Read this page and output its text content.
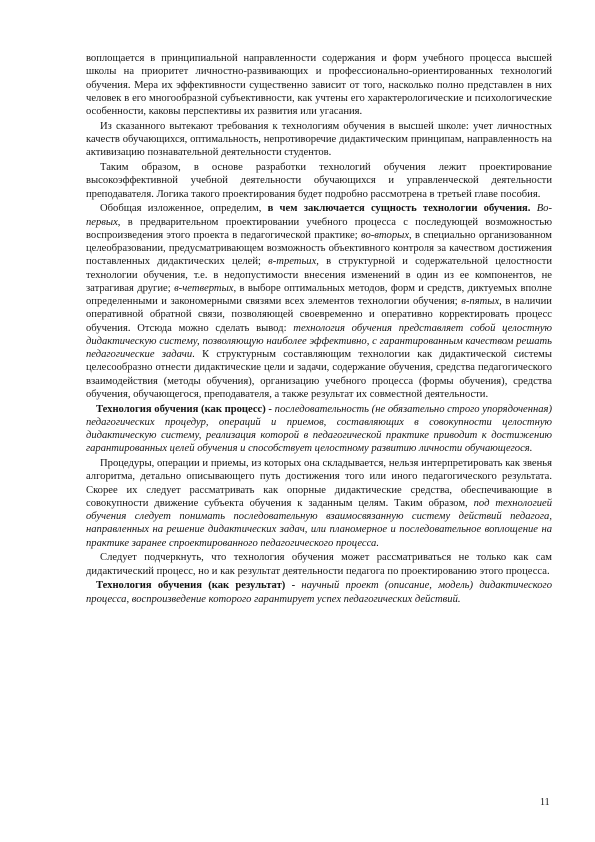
воплощается в принципиальной направленности содержания и форм учебного процесса высшей школы на приоритет личностно-развивающих и профессионально-ориентированных технологий обучения. Мера их эффективности существенно зависит от того, насколько полно представлен в них человек в его многообразной субъективности, как учтены его характерологические и психологические особенности, каковы перспективы их развития или угасания.

Из сказанного вытекают требования к технологиям обучения в высшей школе: учет личностных качеств обучающихся, оптимальность, непротиворечие дидактическим принципам, направленность на активизацию познавательной деятельности студентов.

Таким образом, в основе разработки технологий обучения лежит проектирование высокоэффективной учебной деятельности обучающихся и управленческой деятельности преподавателя. Логика такого проектирования будет подробно рассмотрена в третьей главе пособия.

Обобщая изложенное, определим, в чем заключается сущность технологии обучения. Во-первых, в предварительном проектировании учебного процесса с последующей возможностью воспроизведения этого проекта в педагогической практике; во-вторых, в специально организованном целеобразовании, предусматривающем возможность объективного контроля за качеством достижения поставленных дидактических целей; в-третьих, в структурной и содержательной целостности технологии обучения, т.е. в недопустимости внесения изменений в один из ее компонентов, не затрагивая другие; в-четвертых, в выборе оптимальных методов, форм и средств, диктуемых вполне определенными и закономерными связями всех элементов технологии обучения; в-пятых, в наличии оперативной обратной связи, позволяющей своевременно и оперативно корректировать процесс обучения. Отсюда можно сделать вывод: технология обучения представляет собой целостную дидактическую систему, позволяющую наиболее эффективно, с гарантированным качеством решать педагогические задачи. К структурным составляющим технологии как дидактической системы целесообразно отнести дидактические цели и задачи, содержание обучения, средства педагогического взаимодействия (методы обучения), организацию учебного процесса (формы обучения), средства обучения, обучающегося, преподавателя, а также результат их совместной деятельности.

Технология обучения (как процесс) - последовательность (не обязательно строго упорядоченная) педагогических процедур, операций и приемов, составляющих в совокупности целостную дидактическую систему, реализация которой в педагогической практике приводит к достижению гарантированных целей обучения и способствует целостному развитию личности обучающегося.

Процедуры, операции и приемы, из которых она складывается, нельзя интерпретировать как звенья алгоритма, детально описывающего путь достижения того или иного педагогического результата. Скорее их следует рассматривать как опорные дидактические средства, обеспечивающие в совокупности движение субъекта обучения к заданным целям. Таким образом, под технологией обучения следует понимать последовательную взаимосвязанную систему действий педагога, направленных на решение дидактических задач, или планомерное и последовательное воплощение на практике заранее спроектированного педагогического процесса.

Следует подчеркнуть, что технология обучения может рассматриваться не только как сам дидактический процесс, но и как результат деятельности педагога по проектированию этого процесса.

Технология обучения (как результат) - научный проект (описание, модель) дидактического процесса, воспроизведение которого гарантирует успех педагогических действий.

11
